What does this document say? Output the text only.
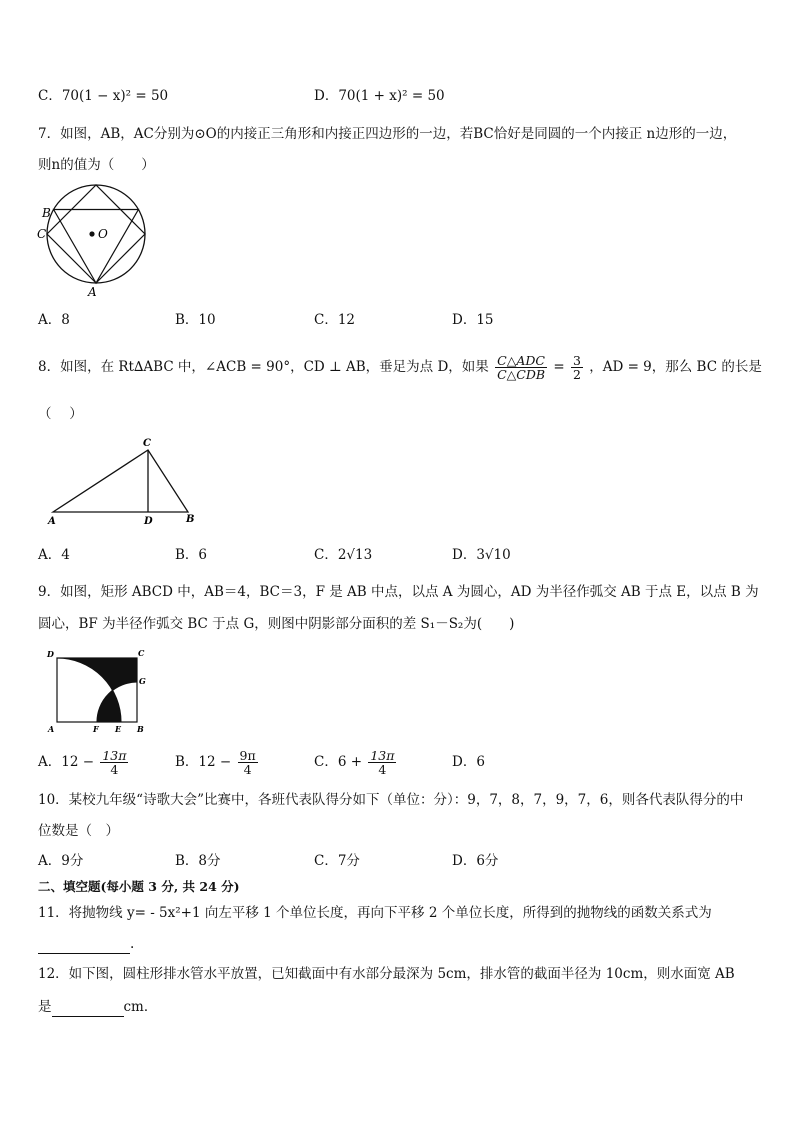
C．70(1 − x)² = 50	D．70(1 + x)² = 50
7．如图，AB，AC分别为⊙O的内接正三角形和内接正四边形的一边，若BC恰好是同圆的一个内接正 n边形的一边，
则n的值为（　　）
B
C	O
A
A．8	B．10	C．12	D．15
8．如图，在 Rt∆ABC 中，∠ACB = 90°，CD ⊥ AB，垂足为点 D，如果 $\frac{\text{C△ADC}}{\text{C△CDB}} = \frac{3}{2}$ ，AD = 9，那么 BC 的长是
（　 ）
C
A	D	B
A．4	B．6	C．2√13	D．3√10
9．如图，矩形 ABCD 中，AB＝4，BC＝3，F 是 AB 中点，以点 A 为圆心，AD 为半径作弧交 AB 于点 E，以点 B 为
圆心，BF 为半径作弧交 BC 于点 G，则图中阴影部分面积的差 S₁－S₂为(　　)
D	C
G
A	F E B
A．$12 - \frac{13\pi}{4}$	B．$12 - \frac{9\pi}{4}$	C．$6 + \frac{13\pi}{4}$	D．6
10．某校九年级“诗歌大会”比赛中，各班代表队得分如下（单位：分）：9，7，8，7，9，7，6，则各代表队得分的中
位数是（　）
A．9分	B．8分	C．7分	D．6分
二、填空题(每小题 3 分, 共 24 分)
11．将抛物线 y= - 5x²+1 向左平移 1 个单位长度，再向下平移 2 个单位长度，所得到的抛物线的函数关系式为
.
12．如下图，圆柱形排水管水平放置，已知截面中有水部分最深为 5cm，排水管的截面半径为 10cm，则水面宽 AB
是	cm．
